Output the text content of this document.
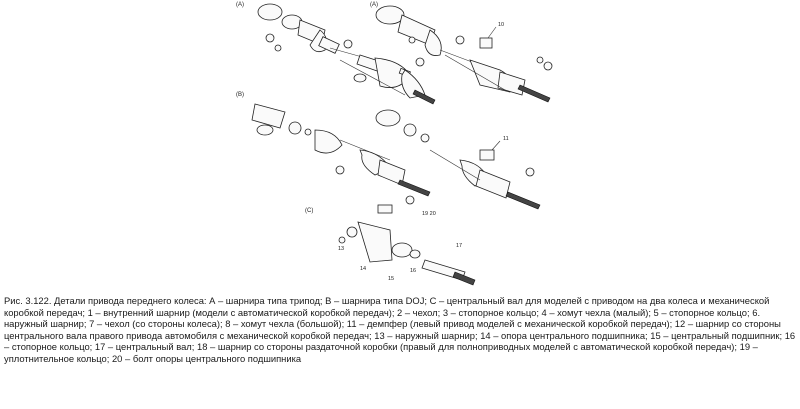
(A)	(A)
10
(B)
11
(C)	19 20
13
14
15
16
17
Рис. 3.122. Детали привода переднего колеса: А – шарнира типа трипод; B – шарнира типа DOJ; C – центральный вал для моделей с приводом на два колеса и механической коробкой передач; 1 – внутренний шарнир (модели с автоматической коробкой передач); 2 – чехол; 3 – стопорное кольцо; 4 – хомут чехла (малый); 5 – стопорное кольцо; 6. наружный шарнир; 7 – чехол (со стороны колеса); 8 – хомут чехла (большой); 11 – демпфер (левый привод моделей с механической коробкой передач); 12 – шарнир со стороны центрального вала правого привода автомобиля с механической коробкой передач; 13 – наружный шарнир; 14 – опора центрального подшипника; 15 – центральный подшипник; 16 – стопорное кольцо; 17 – центральный вал; 18 – шарнир со стороны раздаточной коробки (правый для полноприводных моделей с автоматической коробкой передач); 19 – уплотнительное кольцо; 20 – болт опоры центрального подшипника
